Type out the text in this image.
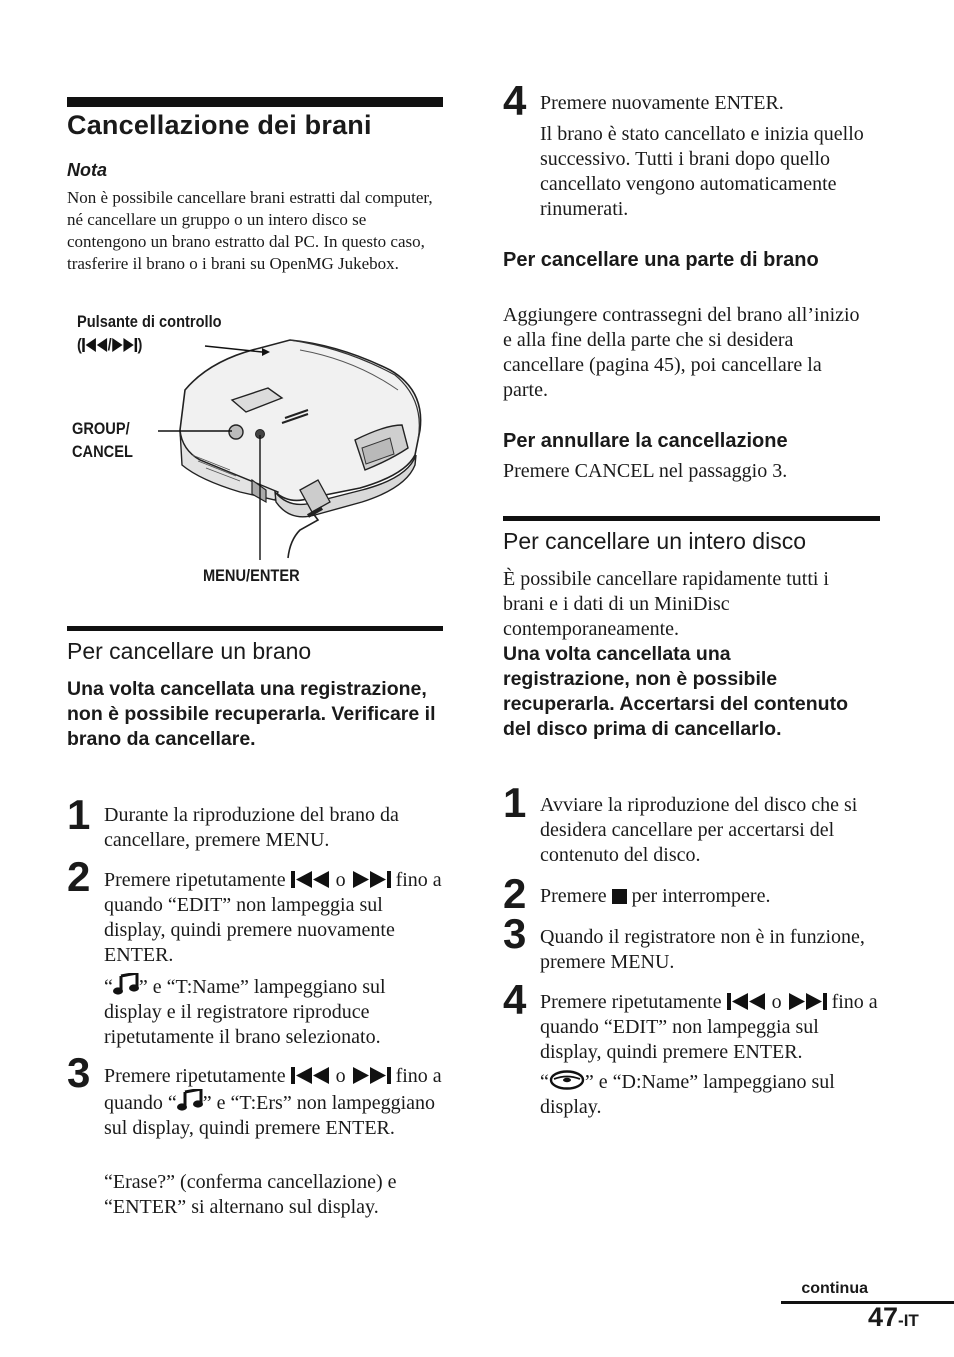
Cancellazione dei brani
Nota
Non è possibile cancellare brani estratti dal computer, né cancellare un gruppo o un intero disco se contengono un brano estratto dal PC. In questo caso, trasferire il brano o i brani su OpenMG Jukebox.
Pulsante di controllo
( / )
GROUP/
CANCEL
MENU/ENTER
Per cancellare un brano
Una volta cancellata una registrazione, non è possibile recuperarla. Verificare il brano da cancellare.
1 Durante la riproduzione del brano da cancellare, premere MENU.
2 Premere ripetutamente	o	fino a quando “EDIT” non lampeggia sul display, quindi premere nuovamente ENTER.
“ ” e “T:Name” lampeggiano sul display e il registratore riproduce ripetutamente il brano selezionato.
3 Premere ripetutamente	o	fino a quando “ ” e “T:Ers” non lampeggiano sul display, quindi premere ENTER.
“Erase?” (conferma cancellazione) e “ENTER” si alternano sul display.
4 Premere nuovamente ENTER.
Il brano è stato cancellato e inizia quello successivo. Tutti i brani dopo quello cancellato vengono automaticamente rinumerati.
Per cancellare una parte di brano
Aggiungere contrassegni del brano all’inizio e alla fine della parte che si desidera cancellare (pagina 45), poi cancellare la parte.
Per annullare la cancellazione
Premere CANCEL nel passaggio 3.
Per cancellare un intero disco
È possibile cancellare rapidamente tutti i brani e i dati di un MiniDisc contemporaneamente.
Una volta cancellata una registrazione, non è possibile recuperarla. Accertarsi del contenuto del disco prima di cancellarlo.
1 Avviare la riproduzione del disco che si desidera cancellare per accertarsi del contenuto del disco.
2 Premere per interrompere.
3 Quando il registratore non è in funzione, premere MENU.
4 Premere ripetutamente	o	fino a quando “EDIT” non lampeggia sul display, quindi premere ENTER.
“ ” e “D:Name” lampeggiano sul display.
continua
47-IT
